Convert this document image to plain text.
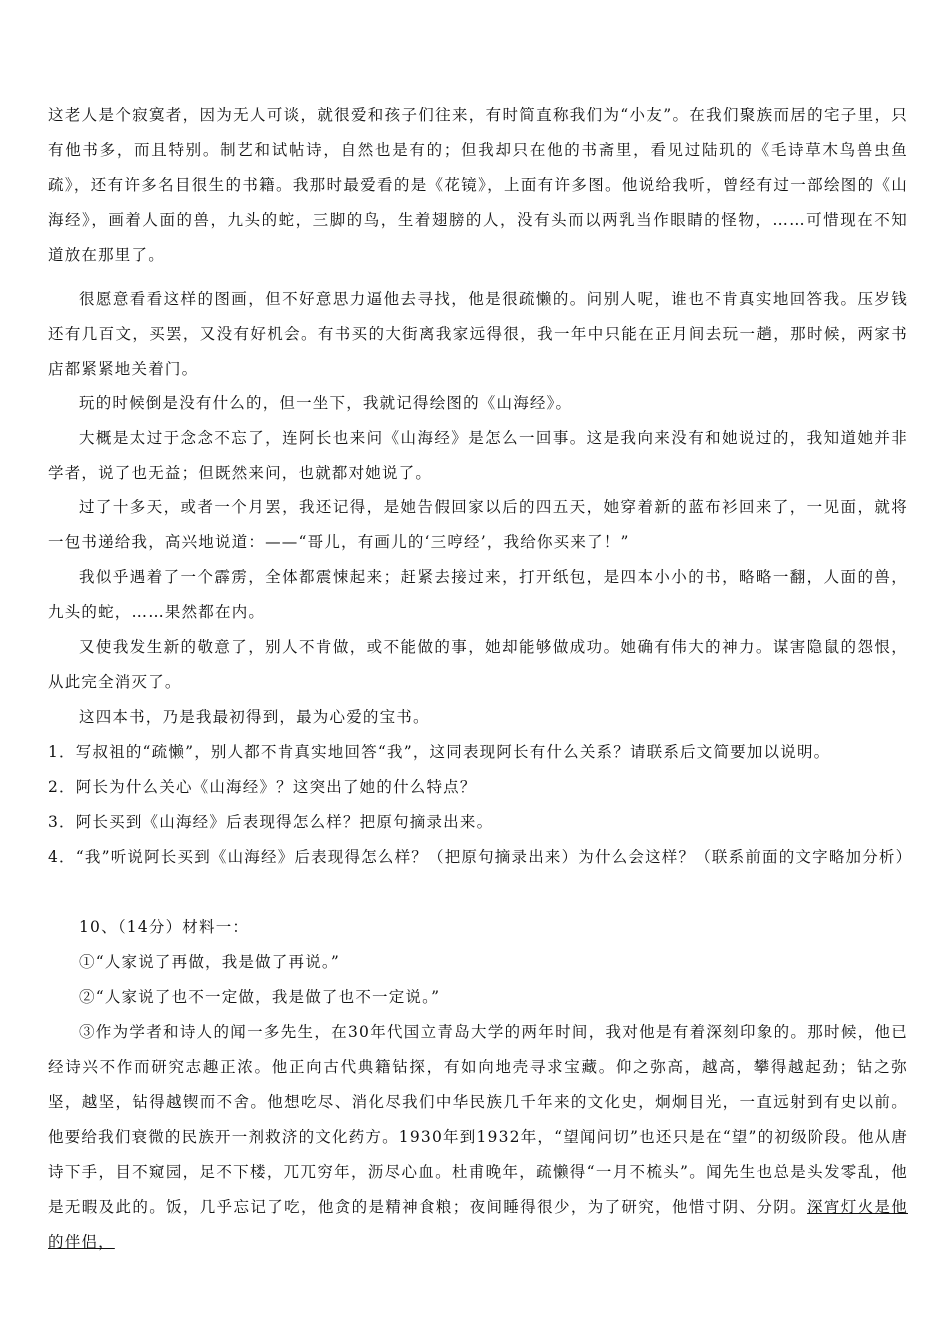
这老人是个寂寞者，因为无人可谈，就很爱和孩子们往来，有时简直称我们为“小友”。在我们聚族而居的宅子里，只有他书多，而且特别。制艺和试帖诗，自然也是有的；但我却只在他的书斋里，看见过陆玑的《毛诗草木鸟兽虫鱼疏》，还有许多名目很生的书籍。我那时最爱看的是《花镜》，上面有许多图。他说给我听，曾经有过一部绘图的《山海经》，画着人面的兽，九头的蛇，三脚的鸟，生着翅膀的人，没有头而以两乳当作眼睛的怪物，……可惜现在不知道放在那里了。

很愿意看看这样的图画，但不好意思力逼他去寻找，他是很疏懒的。问别人呢，谁也不肯真实地回答我。压岁钱还有几百文，买罢，又没有好机会。有书买的大街离我家远得很，我一年中只能在正月间去玩一趟，那时候，两家书店都紧紧地关着门。

玩的时候倒是没有什么的，但一坐下，我就记得绘图的《山海经》。

大概是太过于念念不忘了，连阿长也来问《山海经》是怎么一回事。这是我向来没有和她说过的，我知道她并非学者，说了也无益；但既然来问，也就都对她说了。

过了十多天，或者一个月罢，我还记得，是她告假回家以后的四五天，她穿着新的蓝布衫回来了，一见面，就将一包书递给我，高兴地说道：——“哥儿，有画儿的‘三哼经’，我给你买来了！”

我似乎遇着了一个霹雳，全体都震悚起来；赶紧去接过来，打开纸包，是四本小小的书，略略一翻，人面的兽，九头的蛇，……果然都在内。

又使我发生新的敬意了，别人不肯做，或不能做的事，她却能够做成功。她确有伟大的神力。谋害隐鼠的怨恨，从此完全消灭了。

这四本书，乃是我最初得到，最为心爱的宝书。

1．写叔祖的“疏懒”，别人都不肯真实地回答“我”，这同表现阿长有什么关系？请联系后文简要加以说明。

2．阿长为什么关心《山海经》？这突出了她的什么特点？

3．阿长买到《山海经》后表现得怎么样？把原句摘录出来。

4．“我”听说阿长买到《山海经》后表现得怎么样？（把原句摘录出来）为什么会这样？（联系前面的文字略加分析）

10、（14分）材料一：

①“人家说了再做，我是做了再说。”

②“人家说了也不一定做，我是做了也不一定说。”

③作为学者和诗人的闻一多先生，在30年代国立青岛大学的两年时间，我对他是有着深刻印象的。那时候，他已经诗兴不作而研究志趣正浓。他正向古代典籍钻探，有如向地壳寻求宝藏。仰之弥高，越高，攀得越起劲；钻之弥坚，越坚，钻得越锲而不舍。他想吃尽、消化尽我们中华民族几千年来的文化史，炯炯目光，一直远射到有史以前。他要给我们衰微的民族开一剂救济的文化药方。1930年到1932年，“望闻问切”也还只是在“望”的初级阶段。他从唐诗下手，目不窥园，足不下楼，兀兀穷年，沥尽心血。杜甫晚年，疏懒得“一月不梳头”。闻先生也总是头发零乱，他是无暇及此的。饭，几乎忘记了吃，他贪的是精神食粮；夜间睡得很少，为了研究，他惜寸阴、分阴。深宵灯火是他的伴侣，
